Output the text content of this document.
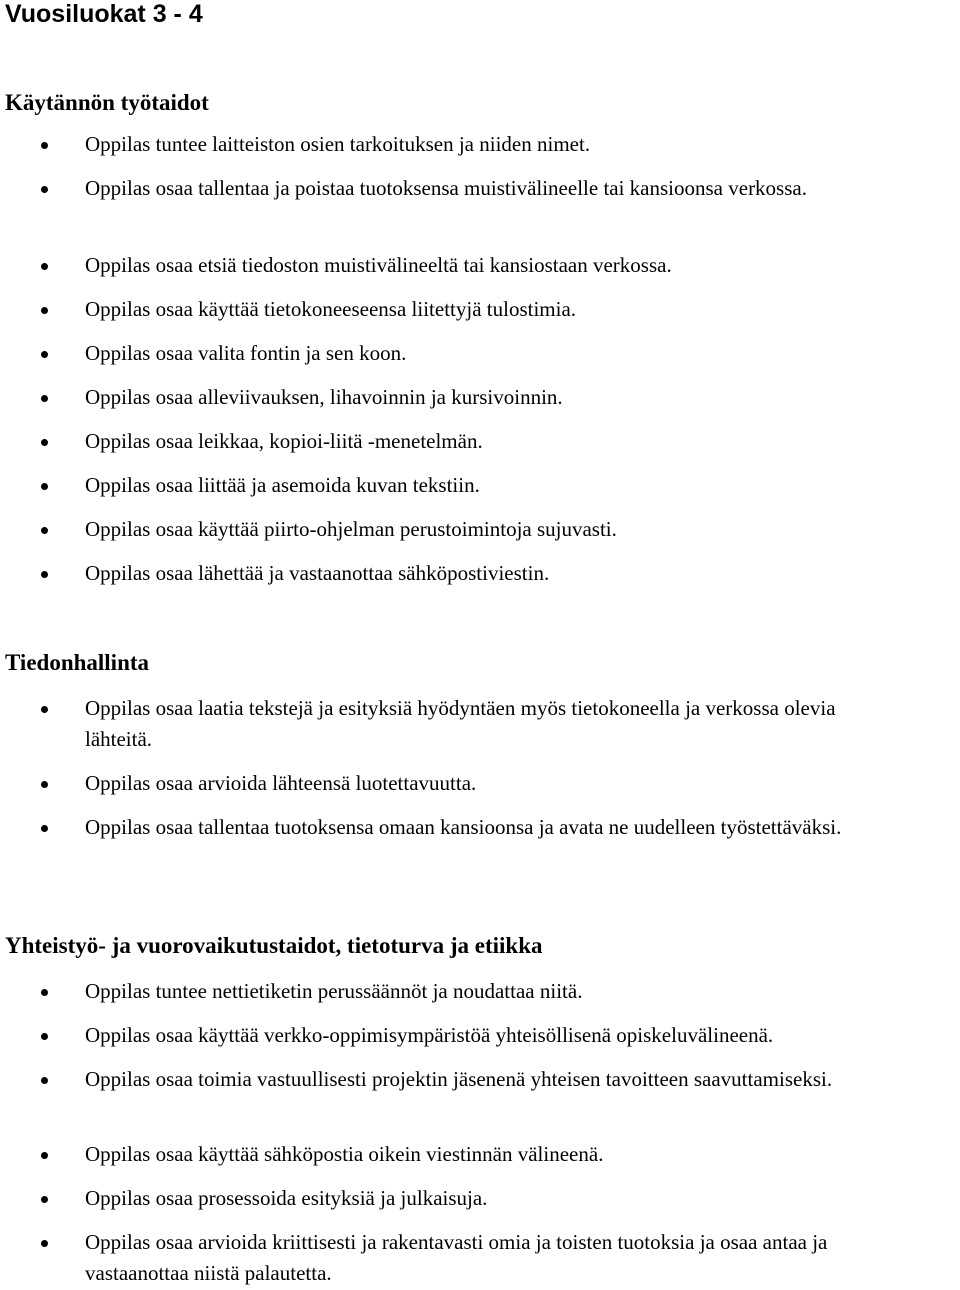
Vuosiluokat 3 - 4
Käytännön työtaidot
Oppilas tuntee laitteiston osien tarkoituksen ja niiden nimet.
Oppilas osaa tallentaa ja poistaa tuotoksensa muistivälineelle tai kansioonsa verkossa.
Oppilas osaa etsiä tiedoston muistivälineeltä tai kansiostaan verkossa.
Oppilas osaa käyttää tietokoneeseensa liitettyjä tulostimia.
Oppilas osaa valita fontin ja sen koon.
Oppilas osaa alleviivauksen, lihavoinnin ja kursivoinnin.
Oppilas osaa leikkaa, kopioi-liitä -menetelmän.
Oppilas osaa liittää ja asemoida kuvan tekstiin.
Oppilas osaa käyttää piirto-ohjelman perustoimintoja sujuvasti.
Oppilas osaa lähettää ja vastaanottaa sähköpostiviestin.
Tiedonhallinta
Oppilas osaa laatia tekstejä ja esityksiä hyödyntäen myös tietokoneella ja verkossa olevia lähteitä.
Oppilas osaa arvioida lähteensä luotettavuutta.
Oppilas osaa tallentaa tuotoksensa omaan kansioonsa ja avata ne uudelleen työstettäväksi.
Yhteistyö- ja vuorovaikutustaidot, tietoturva ja etiikka
Oppilas tuntee nettietiketin perussäännöt ja noudattaa niitä.
Oppilas osaa käyttää verkko-oppimisympäristöä yhteisöllisenä opiskeluvälineenä.
Oppilas osaa toimia vastuullisesti projektin jäsenenä yhteisen tavoitteen saavuttamiseksi.
Oppilas osaa käyttää sähköpostia oikein viestinnän välineenä.
Oppilas osaa prosessoida esityksiä ja julkaisuja.
Oppilas osaa arvioida kriittisesti ja rakentavasti omia ja toisten tuotoksia ja osaa antaa ja vastaanottaa niistä palautetta.
